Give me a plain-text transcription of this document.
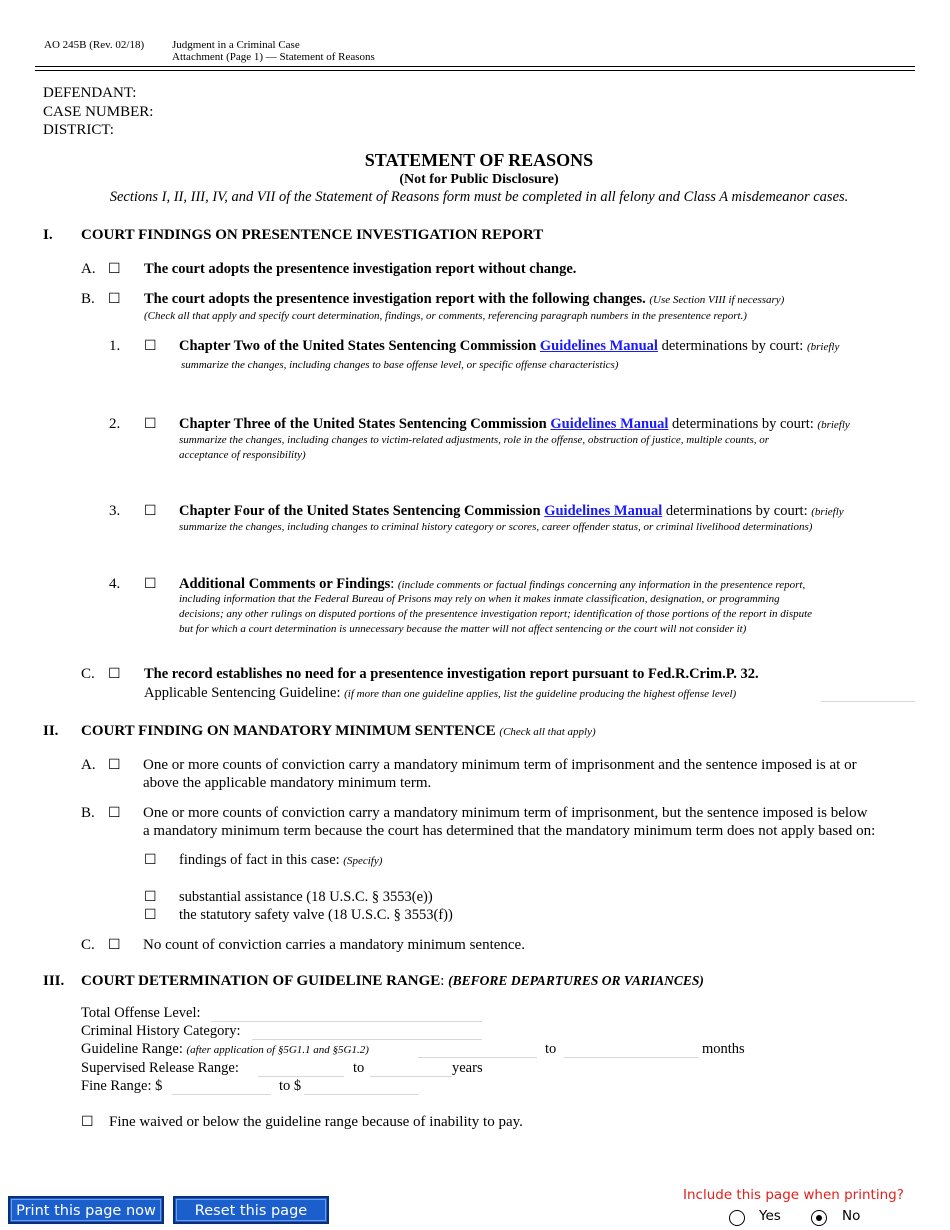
AO 245B (Rev. 02/18)	Judgment in a Criminal Case
Attachment (Page 1) — Statement of Reasons
DEFENDANT:
CASE NUMBER:
DISTRICT:
STATEMENT OF REASONS
(Not for Public Disclosure)
Sections I, II, III, IV, and VII of the Statement of Reasons form must be completed in all felony and Class A misdemeanor cases.
I. COURT FINDINGS ON PRESENTENCE INVESTIGATION REPORT
A. ☐ The court adopts the presentence investigation report without change.
B. ☐ The court adopts the presentence investigation report with the following changes. (Use Section VIII if necessary)
(Check all that apply and specify court determination, findings, or comments, referencing paragraph numbers in the presentence report.)
1. ☐ Chapter Two of the United States Sentencing Commission Guidelines Manual determinations by court: (briefly
summarize the changes, including changes to base offense level, or specific offense characteristics)
2. ☐ Chapter Three of the United States Sentencing Commission Guidelines Manual determinations by court: (briefly
summarize the changes, including changes to victim-related adjustments, role in the offense, obstruction of justice, multiple counts, or
acceptance of responsibility)
3. ☐ Chapter Four of the United States Sentencing Commission Guidelines Manual determinations by court: (briefly
summarize the changes, including changes to criminal history category or scores, career offender status, or criminal livelihood determinations)
4. ☐ Additional Comments or Findings: (include comments or factual findings concerning any information in the presentence report,
including information that the Federal Bureau of Prisons may rely on when it makes inmate classification, designation, or programming
decisions; any other rulings on disputed portions of the presentence investigation report; identification of those portions of the report in dispute
but for which a court determination is unnecessary because the matter will not affect sentencing or the court will not consider it)
C. ☐ The record establishes no need for a presentence investigation report pursuant to Fed.R.Crim.P. 32.
Applicable Sentencing Guideline: (if more than one guideline applies, list the guideline producing the highest offense level)
II. COURT FINDING ON MANDATORY MINIMUM SENTENCE (Check all that apply)
A. ☐ One or more counts of conviction carry a mandatory minimum term of imprisonment and the sentence imposed is at or
above the applicable mandatory minimum term.
B. ☐ One or more counts of conviction carry a mandatory minimum term of imprisonment, but the sentence imposed is below
a mandatory minimum term because the court has determined that the mandatory minimum term does not apply based on:
☐ findings of fact in this case: (Specify)
☐ substantial assistance (18 U.S.C. § 3553(e))
☐ the statutory safety valve (18 U.S.C. § 3553(f))
C. ☐ No count of conviction carries a mandatory minimum sentence.
III. COURT DETERMINATION OF GUIDELINE RANGE: (BEFORE DEPARTURES OR VARIANCES)
Total Offense Level:
Criminal History Category:
Guideline Range: (after application of §5G1.1 and §5G1.2)	to	months
Supervised Release Range:	to	years
Fine Range: $	to $
☐ Fine waived or below the guideline range because of inability to pay.
Print this page now	Reset this page
Include this page when printing?
Yes	No
